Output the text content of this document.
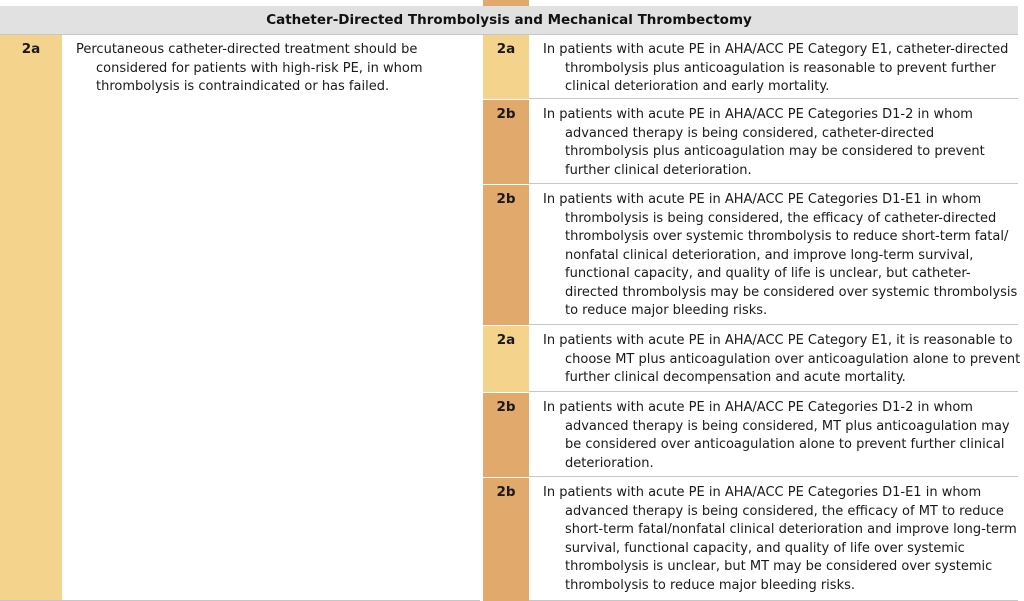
Catheter-Directed Thrombolysis and Mechanical Thrombectomy
2a	Percutaneous catheter-directed treatment should be considered for patients with high-risk PE, in whom thrombolysis is contraindicated or has failed.

2a	In patients with acute PE in AHA/ACC PE Category E1, catheter-directed thrombolysis plus anticoagulation is reasonable to prevent further clinical deterioration and early mortality.

2b	In patients with acute PE in AHA/ACC PE Categories D1-2 in whom advanced therapy is being considered, catheter-directed thrombolysis plus anticoagulation may be considered to prevent further clinical deterioration.

2b	In patients with acute PE in AHA/ACC PE Categories D1-E1 in whom thrombolysis is being considered, the efficacy of catheter-directed thrombolysis over systemic thrombolysis to reduce short-term fatal/ nonfatal clinical deterioration, and improve long-term survival, functional capacity, and quality of life is unclear, but catheter-directed thrombolysis may be considered over systemic thrombolysis to reduce major bleeding risks.

2a	In patients with acute PE in AHA/ACC PE Category E1, it is reasonable to choose MT plus anticoagulation over anticoagulation alone to prevent further clinical decompensation and acute mortality.

2b	In patients with acute PE in AHA/ACC PE Categories D1-2 in whom advanced therapy is being considered, MT plus anticoagulation may be considered over anticoagulation alone to prevent further clinical deterioration.

2b	In patients with acute PE in AHA/ACC PE Categories D1-E1 in whom advanced therapy is being considered, the efficacy of MT to reduce short-term fatal/nonfatal clinical deterioration and improve long-term survival, functional capacity, and quality of life over systemic thrombolysis is unclear, but MT may be considered over systemic thrombolysis to reduce major bleeding risks.
